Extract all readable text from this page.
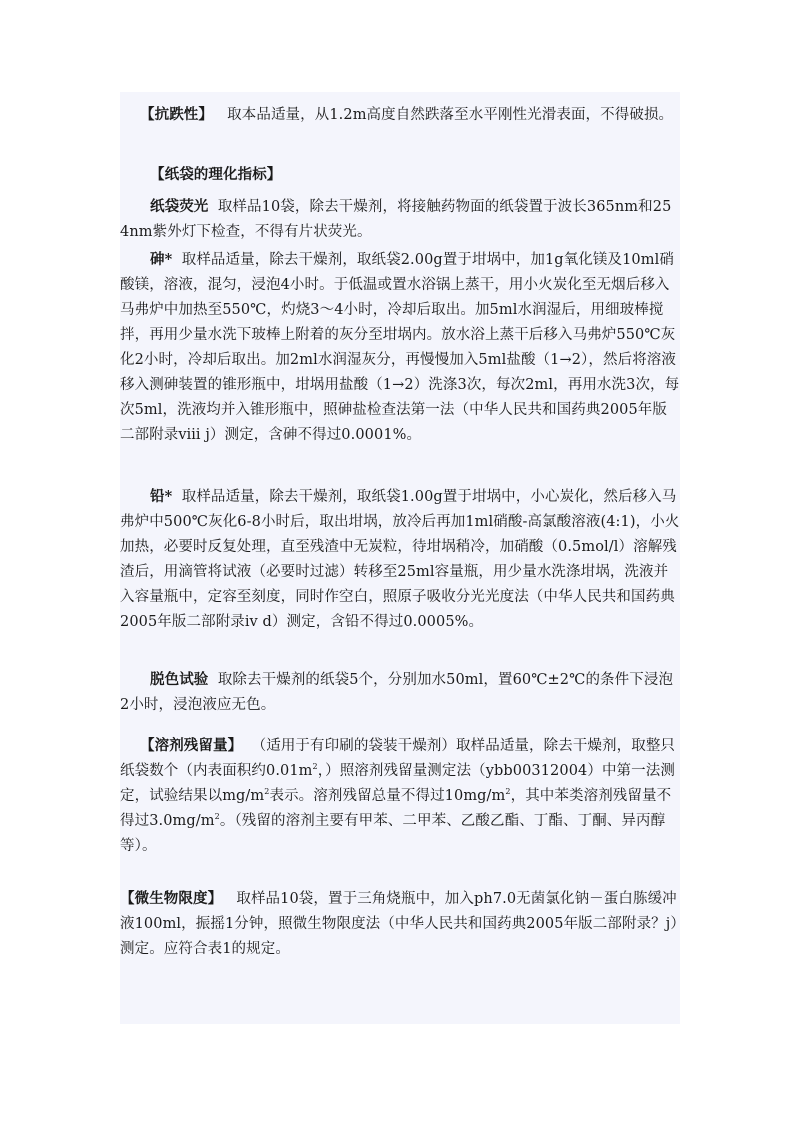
【抗跌性】 取本品适量，从1.2m高度自然跌落至水平刚性光滑表面，不得破损。

【纸袋的理化指标】

纸袋荧光 取样品10袋，除去干燥剂，将接触药物面的纸袋置于波长365nm和254nm紫外灯下检查，不得有片状荧光。

砷* 取样品适量，除去干燥剂，取纸袋2.00g置于坩埚中，加1g氧化镁及10ml硝酸镁，溶液，混匀，浸泡4小时。于低温或置水浴锅上蒸干，用小火炭化至无烟后移入马弗炉中加热至550℃，灼烧3～4小时，冷却后取出。加5ml水润湿后，用细玻棒搅拌，再用少量水洗下玻棒上附着的灰分至坩埚内。放水浴上蒸干后移入马弗炉550℃灰化2小时，冷却后取出。加2ml水润湿灰分，再慢慢加入5ml盐酸（1→2），然后将溶液移入测砷装置的锥形瓶中，坩埚用盐酸（1→2）洗涤3次，每次2ml，再用水洗3次，每次5ml，洗液均并入锥形瓶中，照砷盐检查法第一法（中华人民共和国药典2005年版二部附录ⅷ j）测定，含砷不得过0.0001%。

铅* 取样品适量，除去干燥剂，取纸袋1.00g置于坩埚中，小心炭化，然后移入马弗炉中500℃灰化6-8小时后，取出坩埚，放冷后再加1ml硝酸-高氯酸溶液(4:1)，小火加热，必要时反复处理，直至残渣中无炭粒，待坩埚稍冷，加硝酸（0.5mol/l）溶解残渣后，用滴管将试液（必要时过滤）转移至25ml容量瓶，用少量水洗涤坩埚，洗液并入容量瓶中，定容至刻度，同时作空白，照原子吸收分光光度法（中华人民共和国药典2005年版二部附录ⅳ d）测定，含铅不得过0.0005%。

脱色试验 取除去干燥剂的纸袋5个，分别加水50ml，置60℃±2℃的条件下浸泡2小时，浸泡液应无色。

【溶剂残留量】 （适用于有印刷的袋装干燥剂）取样品适量，除去干燥剂，取整只纸袋数个（内表面积约$0.01m^2$，）照溶剂残留量测定法（ybb00312004）中第一法测定，试验结果以$mg/m^2$表示。溶剂残留总量不得过$10mg/m^2$，其中苯类溶剂残留量不得过$3.0mg/m^2$。（残留的溶剂主要有甲苯、二甲苯、乙酸乙酯、丁酯、丁酮、异丙醇等）。

【微生物限度】 取样品10袋，置于三角烧瓶中，加入ph7.0无菌氯化钠－蛋白胨缓冲液100ml，振摇1分钟，照微生物限度法（中华人民共和国药典2005年版二部附录？j）测定。应符合表1的规定。
